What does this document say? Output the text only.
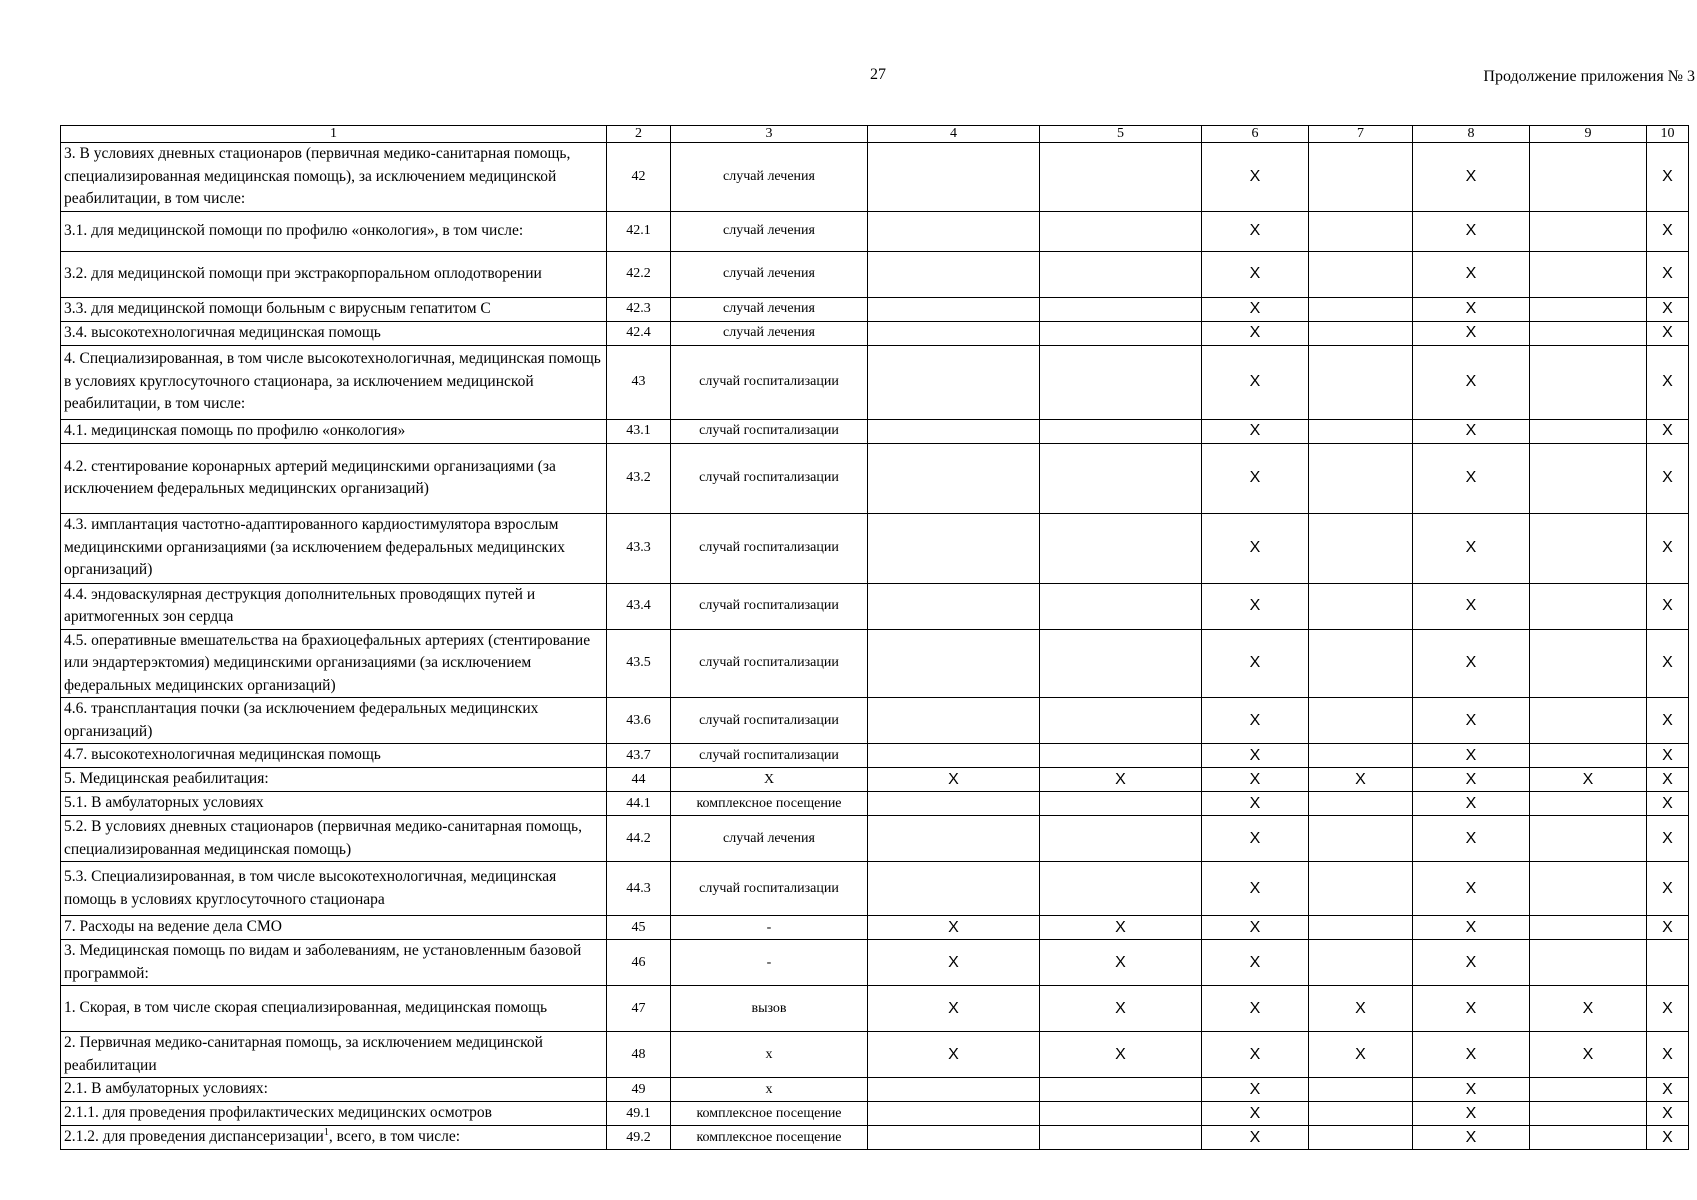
27	Продолжение приложения № 3
1	2	3	4	5	6	7	8	9	10
3. В условиях дневных стационаров (первичная медико-санитарная помощь, специализированная медицинская помощь), за исключением медицинской реабилитации, в том числе:	42	случай лечения			X		X		X
3.1. для медицинской помощи по профилю «онкология», в том числе:	42.1	случай лечения			X		X		X
3.2. для медицинской помощи при экстракорпоральном оплодотворении	42.2	случай лечения			X		X		X
3.3. для медицинской помощи больным с вирусным гепатитом С	42.3	случай лечения			X		X		X
3.4. высокотехнологичная медицинская помощь	42.4	случай лечения			X		X		X
4. Специализированная, в том числе высокотехнологичная, медицинская помощь в условиях круглосуточного стационара, за исключением медицинской реабилитации, в том числе:	43	случай госпитализации			X		X		X
4.1. медицинская помощь по профилю «онкология»	43.1	случай госпитализации			X		X		X
4.2. стентирование коронарных артерий медицинскими организациями (за исключением федеральных медицинских организаций)	43.2	случай госпитализации			X		X		X
4.3. имплантация частотно-адаптированного кардиостимулятора взрослым медицинскими организациями (за исключением федеральных медицинских организаций)	43.3	случай госпитализации			X		X		X
4.4. эндоваскулярная деструкция дополнительных проводящих путей и аритмогенных зон сердца	43.4	случай госпитализации			X		X		X
4.5. оперативные вмешательства на брахиоцефальных артериях (стентирование или эндартерэктомия) медицинскими организациями (за исключением федеральных медицинских организаций)	43.5	случай госпитализации			X		X		X
4.6. трансплантация почки (за исключением федеральных медицинских организаций)	43.6	случай госпитализации			X		X		X
4.7. высокотехнологичная медицинская помощь	43.7	случай госпитализации			X		X		X
5. Медицинская реабилитация:	44	X	X	X	X	X	X	X	X
5.1. В амбулаторных условиях	44.1	комплексное посещение			X		X		X
5.2. В условиях дневных стационаров (первичная медико-санитарная помощь, специализированная медицинская помощь)	44.2	случай лечения			X		X		X
5.3. Специализированная, в том числе высокотехнологичная, медицинская помощь в условиях круглосуточного стационара	44.3	случай госпитализации			X		X		X
7. Расходы на ведение дела СМО	45	-	X	X	X		X		X
3. Медицинская помощь по видам и заболеваниям, не установленным базовой программой:	46	-	X	X	X		X		
1. Скорая, в том числе скорая специализированная, медицинская помощь	47	вызов	X	X	X	X	X	X	X
2. Первичная медико-санитарная помощь, за исключением медицинской реабилитации	48	х	X	X	X	X	X	X	X
2.1. В амбулаторных условиях:	49	х			X		X		X
2.1.1. для проведения профилактических медицинских осмотров	49.1	комплексное посещение			X		X		X
2.1.2. для проведения диспансеризации$^1$, всего, в том числе:	49.2	комплексное посещение			X		X		X
